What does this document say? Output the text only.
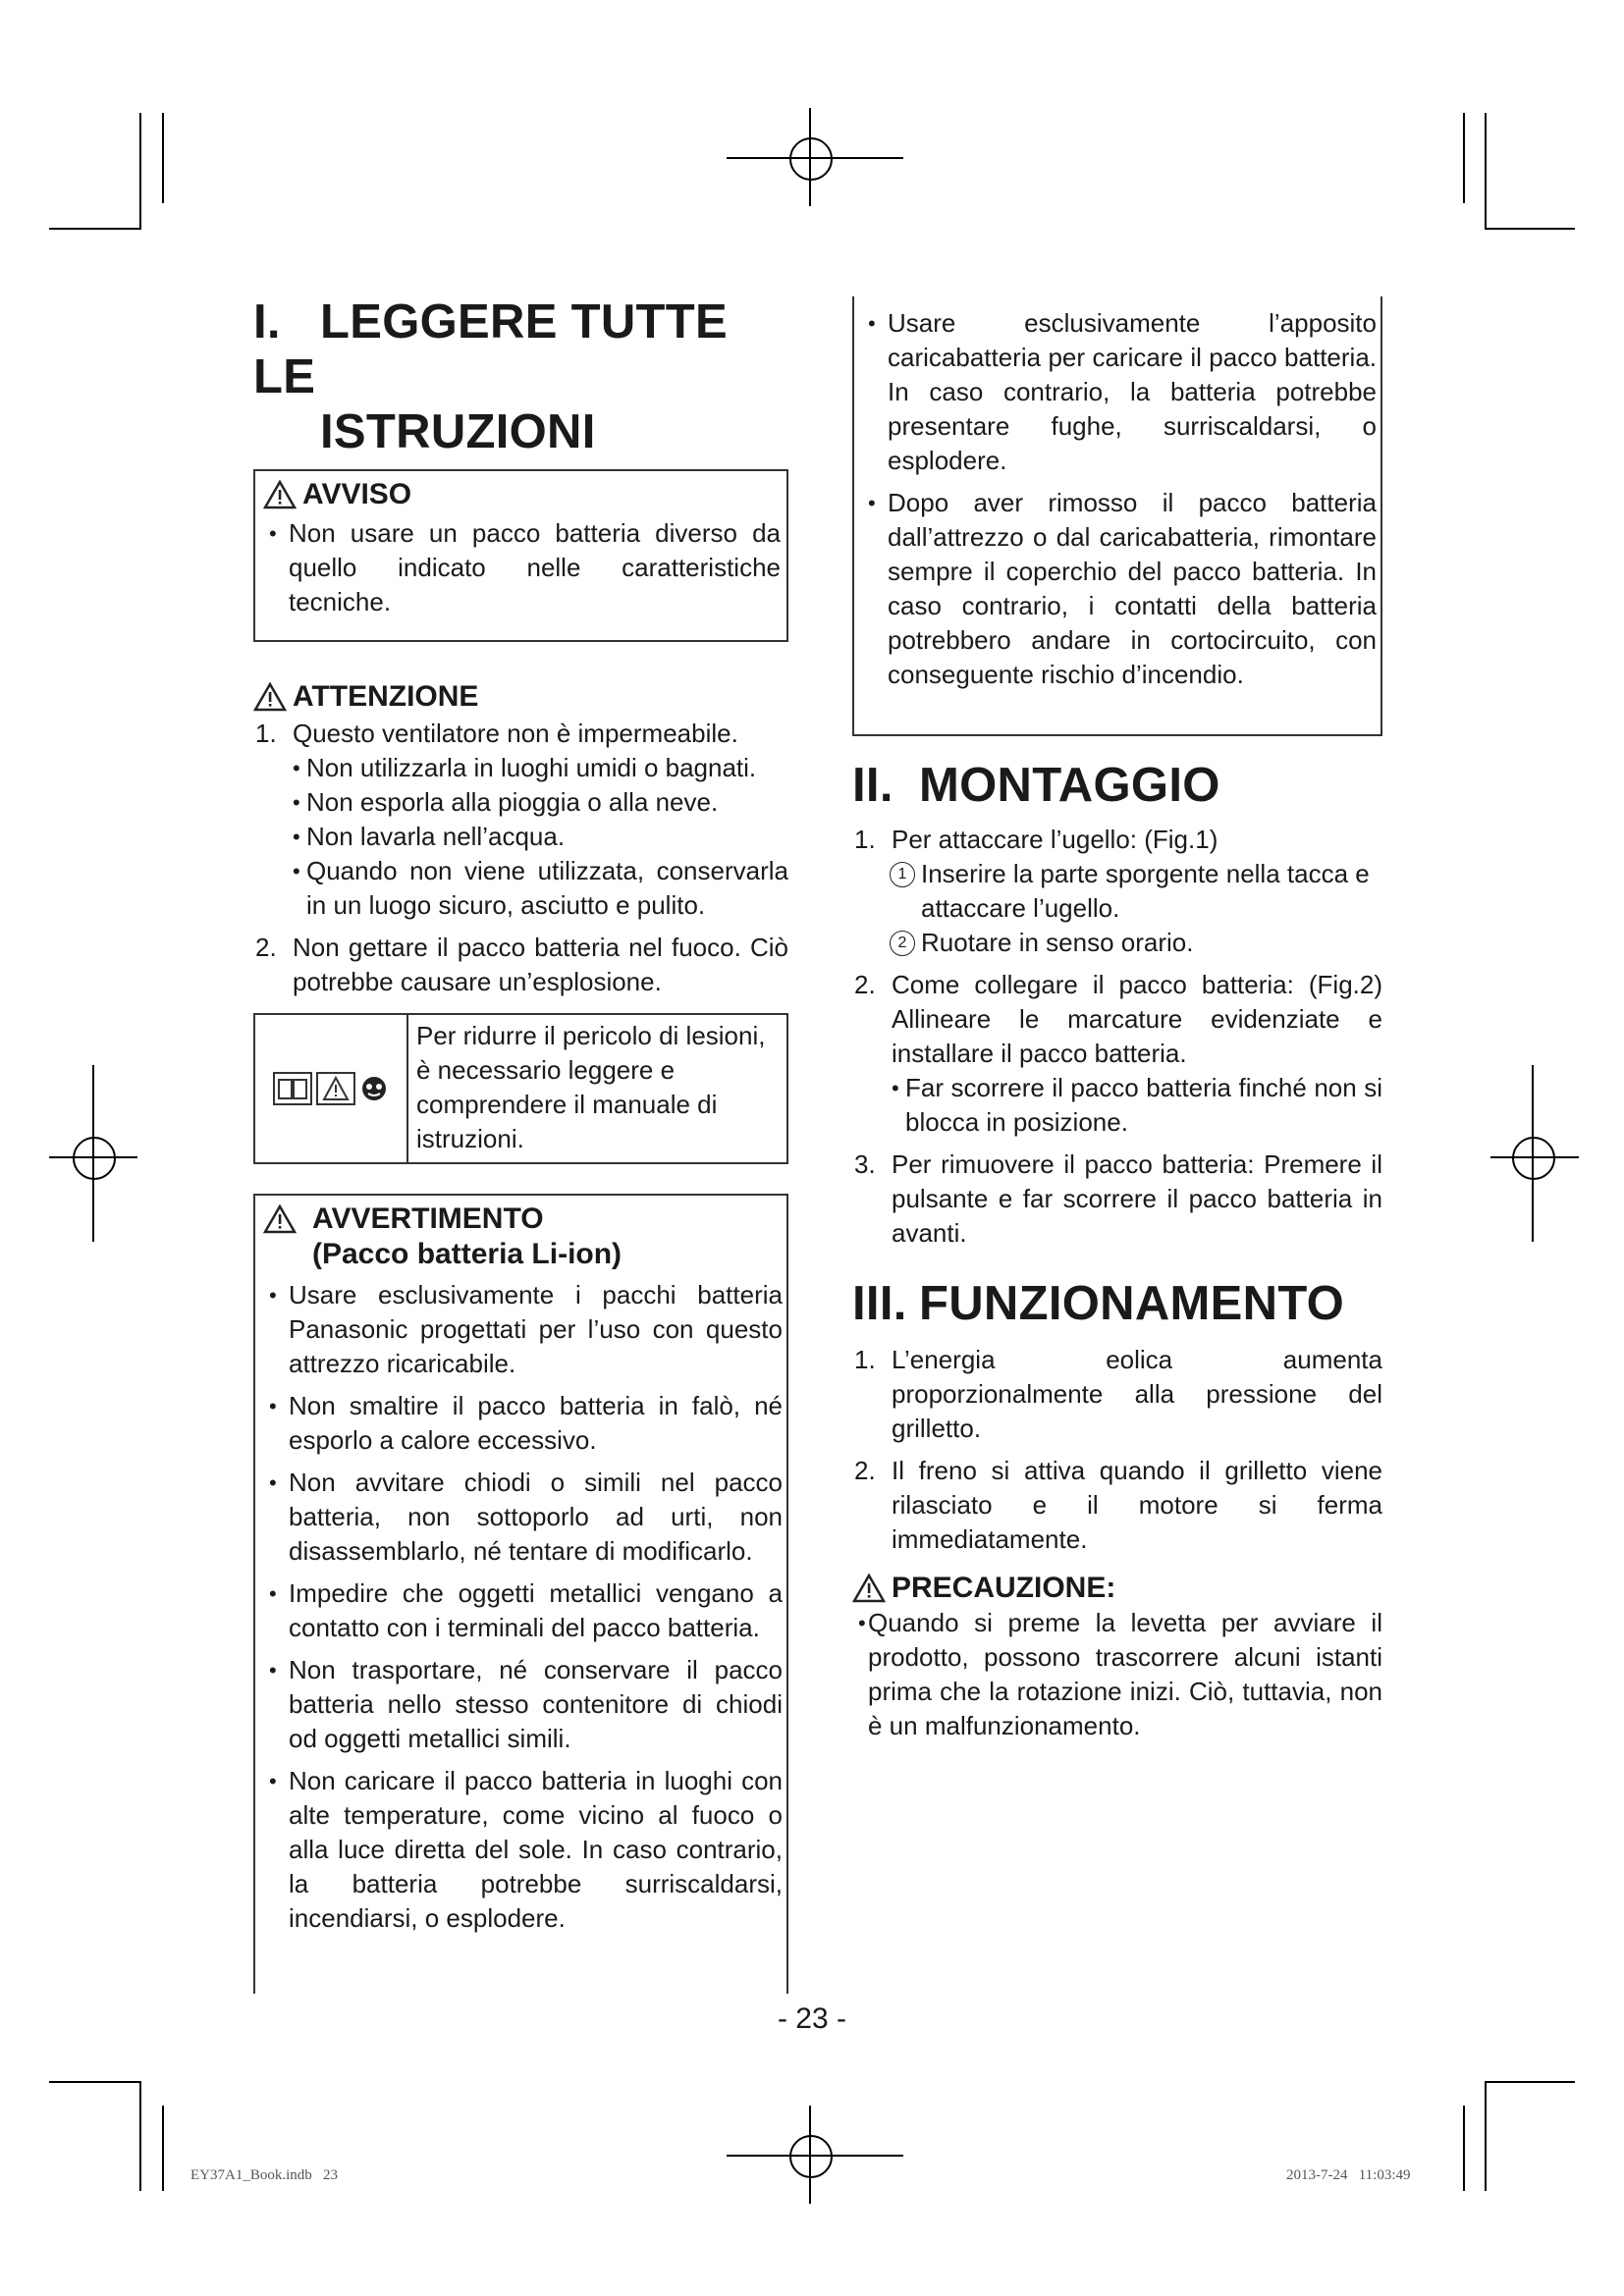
I. LEGGERE TUTTE LE
ISTRUZIONI
AVVISO
• Non usare un pacco batteria diverso da quello indicato nelle caratteristiche tecniche.
ATTENZIONE
1. Questo ventilatore non è impermeabile.
• Non utilizzarla in luoghi umidi o bagnati.
• Non esporla alla pioggia o alla neve.
• Non lavarla nell’acqua.
• Quando non viene utilizzata, conservarla in un luogo sicuro, asciutto e pulito.
2. Non gettare il pacco batteria nel fuoco. Ciò potrebbe causare un’esplosione.
Per ridurre il pericolo di lesioni, è necessario leggere e comprendere il manuale di istruzioni.
AVVERTIMENTO
(Pacco batteria Li-ion)
• Usare esclusivamente i pacchi batteria Panasonic progettati per l’uso con questo attrezzo ricaricabile.
• Non smaltire il pacco batteria in falò, né esporlo a calore eccessivo.
• Non avvitare chiodi o simili nel pacco batteria, non sottoporlo ad urti, non disassemblarlo, né tentare di modificarlo.
• Impedire che oggetti metallici vengano a contatto con i terminali del pacco batteria.
• Non trasportare, né conservare il pacco batteria nello stesso contenitore di chiodi od oggetti metallici simili.
• Non caricare il pacco batteria in luoghi con alte temperature, come vicino al fuoco o alla luce diretta del sole. In caso contrario, la batteria potrebbe surriscaldarsi, incendiarsi, o esplodere.
• Usare esclusivamente l’apposito caricabatteria per caricare il pacco batteria. In caso contrario, la batteria potrebbe presentare fughe, surriscaldarsi, o esplodere.
• Dopo aver rimosso il pacco batteria dall’attrezzo o dal caricabatteria, rimontare sempre il coperchio del pacco batteria. In caso contrario, i contatti della batteria potrebbero andare in cortocircuito, con conseguente rischio d’incendio.
II. MONTAGGIO
1. Per attaccare l’ugello: (Fig.1)
1 Inserire la parte sporgente nella tacca e attaccare l’ugello.
2 Ruotare in senso orario.
2. Come collegare il pacco batteria: (Fig.2) Allineare le marcature evidenziate e installare il pacco batteria.
• Far scorrere il pacco batteria finché non si blocca in posizione.
3. Per rimuovere il pacco batteria: Premere il pulsante e far scorrere il pacco batteria in avanti.
III. FUNZIONAMENTO
1. L’energia eolica aumenta proporzionalmente alla pressione del grilletto.
2. Il freno si attiva quando il grilletto viene rilasciato e il motore si ferma immediatamente.
PRECAUZIONE:
• Quando si preme la levetta per avviare il prodotto, possono trascorrere alcuni istanti prima che la rotazione inizi. Ciò, tuttavia, non è un malfunzionamento.
- 23 -
EY37A1_Book.indb   23	2013-7-24   11:03:49
